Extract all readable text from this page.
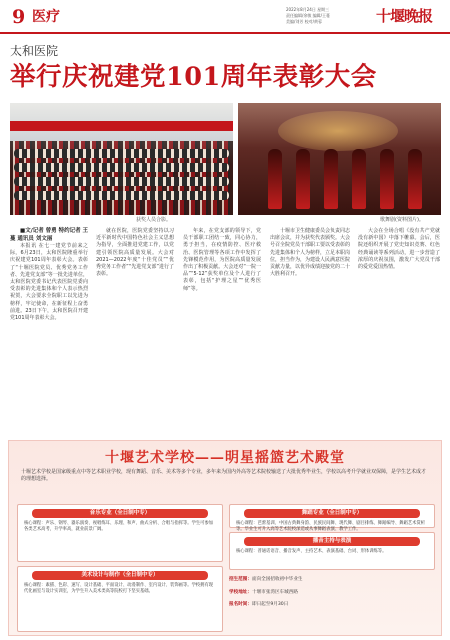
9 医疗	2022年8月24日 星期三
责任编辑/余敏 编辑/王蔓
美编/刘芳 校对/黄蓉	十堰晚报
太和医院
举行庆祝建党101周年表彰大会
获奖人员合影。	歌舞剧(资料图片)。

■文/记者 曾勇 特约记者 王蔓 通讯员 刘文丽

本报讯 在七一建党节前来之际，6月23日，太和医院隆重举行庆祝建党101周年表彰大会。表彰了“十堰医院党员、优秀党务工作者、先进党支部”等一批先进单位，太和医院党委书记代表医院党委向受表彰的先进集体和个人表示热烈祝贺，大会要求全院职工以先进为榜样，牢记使命，在新征程上奋勇前进。23日下午，太和医院召开建党101周年表彰大会。

就在医院，医院党委坚持以习近平新时代中国特色社会主义思想为指导，全面推进党建工作，以党建引领医院高质量发展。大会对2021—2022年度“十佳党员”“优秀党务工作者”“先进党支部”进行了表彰。

年来，在党支部的领导下，党员干部职工团结一致，同心协力，勇于担当，在疫情防控、医疗救治、医院管理等各项工作中发挥了先锋模范作用，为医院高质量发展作出了积极贡献。大会还对“一院一品”“5·12”获奖单位及个人进行了表彰，包括“护理之星”“优秀医师”等。

十堰市卫生健康委员会负责同志出席会议，并为获奖代表颁奖。大会号召全院党员干部职工要以受表彰的先进集体和个人为榜样，立足本职岗位，担当作为，为建设人民满意医院贡献力量，以优异成绩迎接党的二十大胜利召开。

大会在全场合唱《没有共产党就没有新中国》中落下帷幕。会后，医院还组织开展了党史知识竞赛、红色经典诵读等系列活动，进一步营造了浓厚的庆祝氛围，激发广大党员干部的爱党爱国热情。

十堰艺术学校——明星摇篮艺术殿堂
十堰艺术学校是国家级重点中等艺术职业学校，现有舞蹈、音乐、美术等多个专业，多年来为国内外高等艺术院校输送了大批优秀毕业生，学校以高考升学就业双保障，是学生艺术成才的理想选择。
音乐专业（全日制中专）
核心课程：声乐、钢琴、器乐演奏、视唱练耳、乐理、和声、曲式分析、合唱与指挥等。学生可参加各类艺术高考，升学率高，就业前景广阔。
舞蹈专业（全日制中专）
核心课程：芭蕾基训、中国古典舞身韵、民族民间舞、现代舞、剧目排练、舞蹈编导、舞蹈艺术赏析等。毕业生可升入高等艺术院校深造或从事舞蹈表演、教学工作。
播音主持与表演
核心课程：普通话语音、播音发声、主持艺术、表演基础、台词、形体训练等。
美术设计与制作（全日制中专）
核心课程：素描、色彩、速写、设计基础、平面设计、动漫制作、室内设计、装饰画等。学校拥有现代化画室与设计实训室，为学生升入美术类高等院校打下坚实基础。
招生范围：面向全国招收初中毕业生
学校地址：十堰市张湾区车城西路
报名时间：即日起至9月30日
